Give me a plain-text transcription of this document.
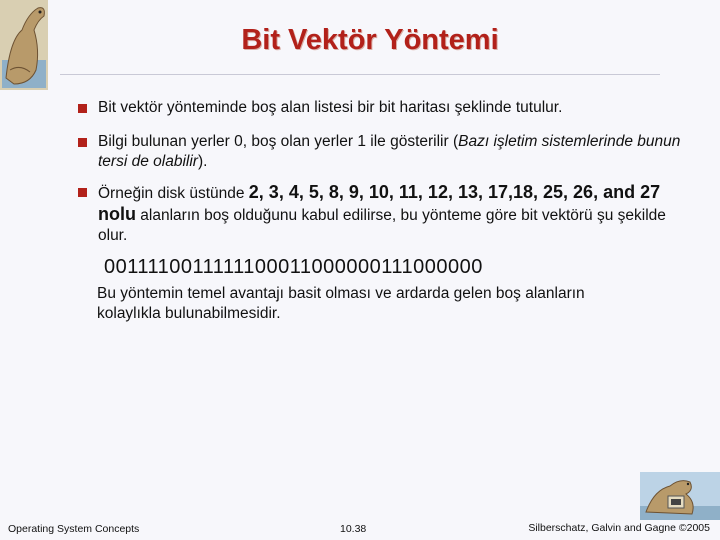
Bit Vektör Yöntemi
Bit vektör yönteminde boş alan listesi bir bit haritası şeklinde tutulur.
Bilgi bulunan yerler 0, boş olan yerler 1 ile gösterilir (Bazı işletim sistemlerinde bunun tersi de olabilir).
Örneğin disk üstünde 2, 3, 4, 5, 8, 9, 10, 11, 12, 13, 17,18, 25, 26, and 27 nolu alanların boş olduğunu kabul edilirse, bu yönteme göre bit vektörü şu şekilde olur.
0011110011111100011000000111000000
Bu yöntemin temel avantajı basit olması ve ardarda gelen boş alanların kolaylıkla bulunabilmesidir.
Operating System Concepts	10.38	Silberschatz, Galvin and Gagne ©2005
